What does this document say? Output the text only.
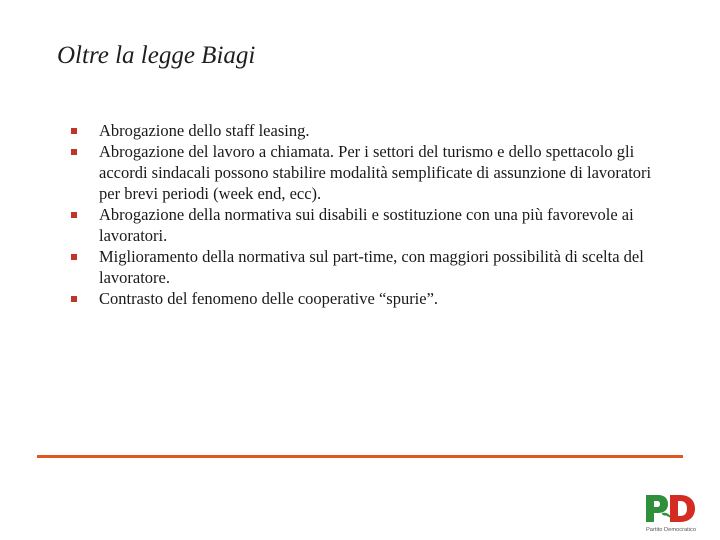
Oltre la legge Biagi
Abrogazione dello staff leasing.
Abrogazione del lavoro a chiamata. Per i settori del turismo e dello spettacolo gli accordi sindacali possono stabilire modalità semplificate di assunzione di lavoratori per brevi periodi (week end, ecc).
Abrogazione della normativa sui disabili e sostituzione con una più favorevole ai lavoratori.
Miglioramento della normativa sul part-time, con maggiori possibilità di scelta del lavoratore.
Contrasto del fenomeno delle cooperative “spurie”.
Partito Democratico
